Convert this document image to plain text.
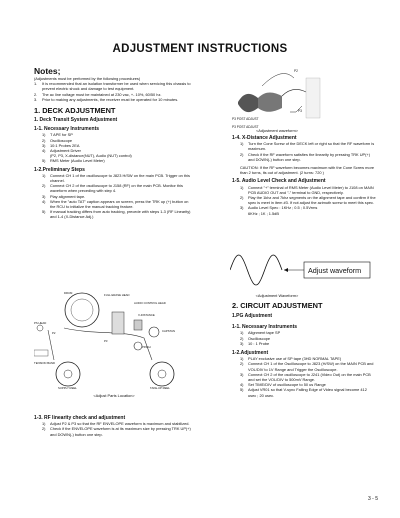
ADJUSTMENT INSTRUCTIONS
Notes;

(Adjustments must be performed by the following procedures)

1.	It is recommended that an isolation transformer be used when servicing this chassis to prevent electric shock and damage to test equipment.
2.	The ac line voltage must be maintained at 230 vac, +- 10%, 60/50 hz.
3.	Prior to making any adjustments, the receiver must be operated for 10 minutes.
1. DECK ADJUSTMENT
1. Deck Transit System Adjustment
1-1. Necessary Instruments
1)	T APE for SP
2)	Oscilloscope
3)	10:1 Probes 2EA
4)	Adjustment Driver
(P2, P3, X-distance(NUT), Audio (NUT) control)
5)	RMS Meter (Audio Level Meter)
1-2.Preliminary Steps
1)	Connect CH 1 of the oscilloscope to J823 H/SW on the main PCB. Trigger on this channel.
2)	Connect CH 2 of the oscilloscope to J158 (RF) on the main PCB. Monitor this waveform when preceding with step 4.
3)	Play alignment tape.
4)	When the "auto TAT" caption appears on screen, press the TRK up (+) button on the RCU to initialize the manual tracking feature.
5)	If manual tracking differs from auto tracking, precede with steps 1-3 (RF Linearity) and 1-4 (X-Distance Adj.)
DRUM	FULL ERASE HEAD
AUDIO CONTROL HEAD
X-DISTANCE
P2
P3
TENSION BAND
CAPSTAN
PINCH
SUPPLY REEL	TAKE-UP REEL
PS HEAD
<Adjust Parts Location>
1-3. RF linearity check and adjustment
1)	Adjust P2 & P3 so that the RF ENVELOPE waveform is maximum and stabilized.
2)	Check if the ENVELOPE waveform is at its maximum size by pressing TRK UP(+) and DOWN(-) button one step.
P2
P3
P3 POST ADJUST
P3 POST ADJUST
<Adjustment waveform>
1-4. X-Distance Adjustment
1)	Turn the Cone Screw of the DECK left or right so that the RF waveform is maximum.
2)	Check if the RF waveform satisfies the linearity by pressing TRK UP(+) and DOWN(-) button one step.

CAUTION: If the RF waveform becomes maximum with the Cone Screw more than 2 turns, its out of adjustment. (2 turns: 720 )

1-5. Audio Level Check and Adjustment
1)	Connect "+" terminal of RMS Meter (Audio Level Meter) to J108 on MAIN PCB AUDIO OUT and "-" terminal to GND, respectively.
2)	Play the 1khz and 7khz segments on the alignment tape and confirm if the spec is meet in item #3. If not adjust the azimuth screw to meet this spec.
3)	Audio Level Spec : 1KHz ; 0.5 ; 0.5Vrms
6KHz ; 1K ; 1.5dB
Adjust waveform
<Adjustment Waveform>
2. CIRCUIT ADJUSTMENT
1.PG Adjustment
1-1. Necessary Instruments
1)	Alignment tape SP
2)	Oscilloscope
3)	10 : 1 Probe
1-2.Adjustment
1)	PLAY exclusive use of SP tape (3HD NORMAL TAPE)
2)	Connect CH 1 of the Oscilloscope to J823 (H/SW) on the MAIN PCB and VOL/DIV to 1V Range and Trigger the Oscilloscope.
3)	Connect CH 2 of the oscilloscope to J241 (Video Out) on the main PCB and set the VOL/DIV to 500mV Range.
4)	Set TIME/DIV of oscilloscope to 50 us Range
5)	Adjust VR01 so that V-sync Falling Edge of Video signal become 412 usec ; 20 usec.
3 - 5
